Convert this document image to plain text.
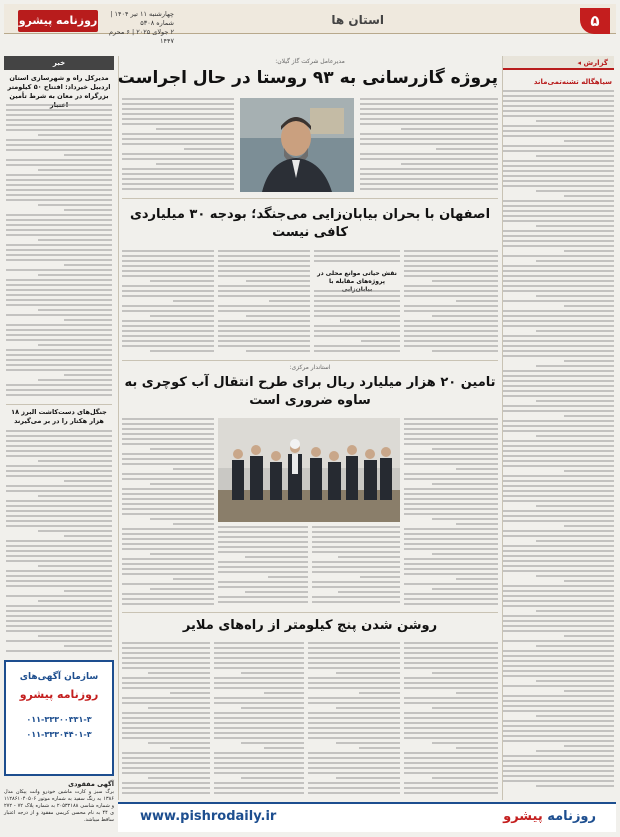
۵
استان ها
چهارشنبه ۱۱ تیر ۱۴۰۴ | شماره ۵۳۰۸
۲ جولای ۲۰۲۵ | ۶ محرم ۱۴۴۷
روزنامه پیشرو
گزارش ◂
سیاهگاله تشنه‌تمی‌ماند
خبر
مدیرکل راه و شهرسازی استان اردبیل خبرداد: افتتاح ۵۰ کیلومتر بزرگراه در معان به شرط تأمین
جنگل‌های دست‌کاشت البرز ۱۸ هزار هکتار را در بر می‌گیرند
مدیرعامل شرکت گاز گیلان:
پروژه گازرسانی به ۹۳ روستا در حال اجراست
اصفهان با بحران بیابان‌زایی می‌جنگد؛ بودجه ۳۰ میلیاردی کافی نیست
نقش حیاتی موانع محلی در پروژه‌های مقابله با
استاندار مرکزی:
تامین ۲۰ هزار میلیارد ریال برای طرح انتقال آب کوچری به ساوه ضروری است
روشن شدن پنج کیلومتر از راه‌های ملایر
سازمان آگهی‌های
روزنامه پیشرو
۰۱۱-۳۳۳۰۰۳۳۱-۳
۰۱۱-۳۳۳۰۴۴۰۱-۳
آگهی مفقودی
برگ سبز و کارت ماشین خودرو وانت پیکان مدل ۱۳۸۶ به رنگ سفید به شماره موتور ۱۱۲۸۶۱۰۴۰۵۰۶ و شماره شاسی ۲۰۵۳۲۱۸۸ به شماره پلاک ۷۲ - ۲۷۲ ی ۴۴ به نام محسن کریمی مفقود و از درجه اعتبار ساقط میباشد.	روزنامه پیشرو
www.pishrodaily.ir
